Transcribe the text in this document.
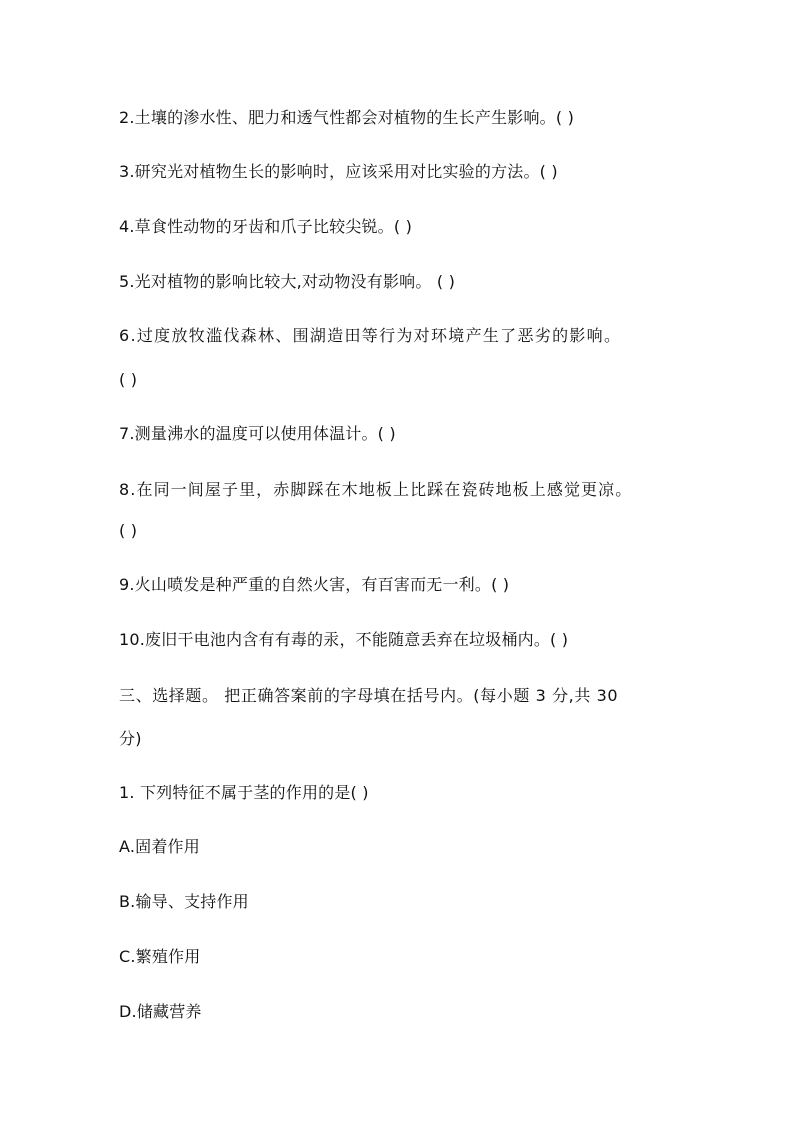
2.土壤的渗水性、肥力和透气性都会对植物的生长产生影响。( )
3.研究光对植物生长的影响时，应该采用对比实验的方法。( )
4.草食性动物的牙齿和爪子比较尖锐。( )
5.光对植物的影响比较大,对动物没有影响。 ( )
6.过度放牧滥伐森林、围湖造田等行为对环境产生了恶劣的影响。
( )
7.测量沸水的温度可以使用体温计。( )
8.在同一间屋子里，赤脚踩在木地板上比踩在瓷砖地板上感觉更凉。
( )
9.火山喷发是种严重的自然火害，有百害而无一利。( )
10.废旧干电池内含有有毒的汞，不能随意丢弃在垃圾桶内。( )
三、选择题。 把正确答案前的字母填在括号内。(每小题 3 分,共 30
分)
1. 下列特征不属于茎的作用的是( )
A.固着作用
B.输导、支持作用
C.繁殖作用
D.储藏营养
